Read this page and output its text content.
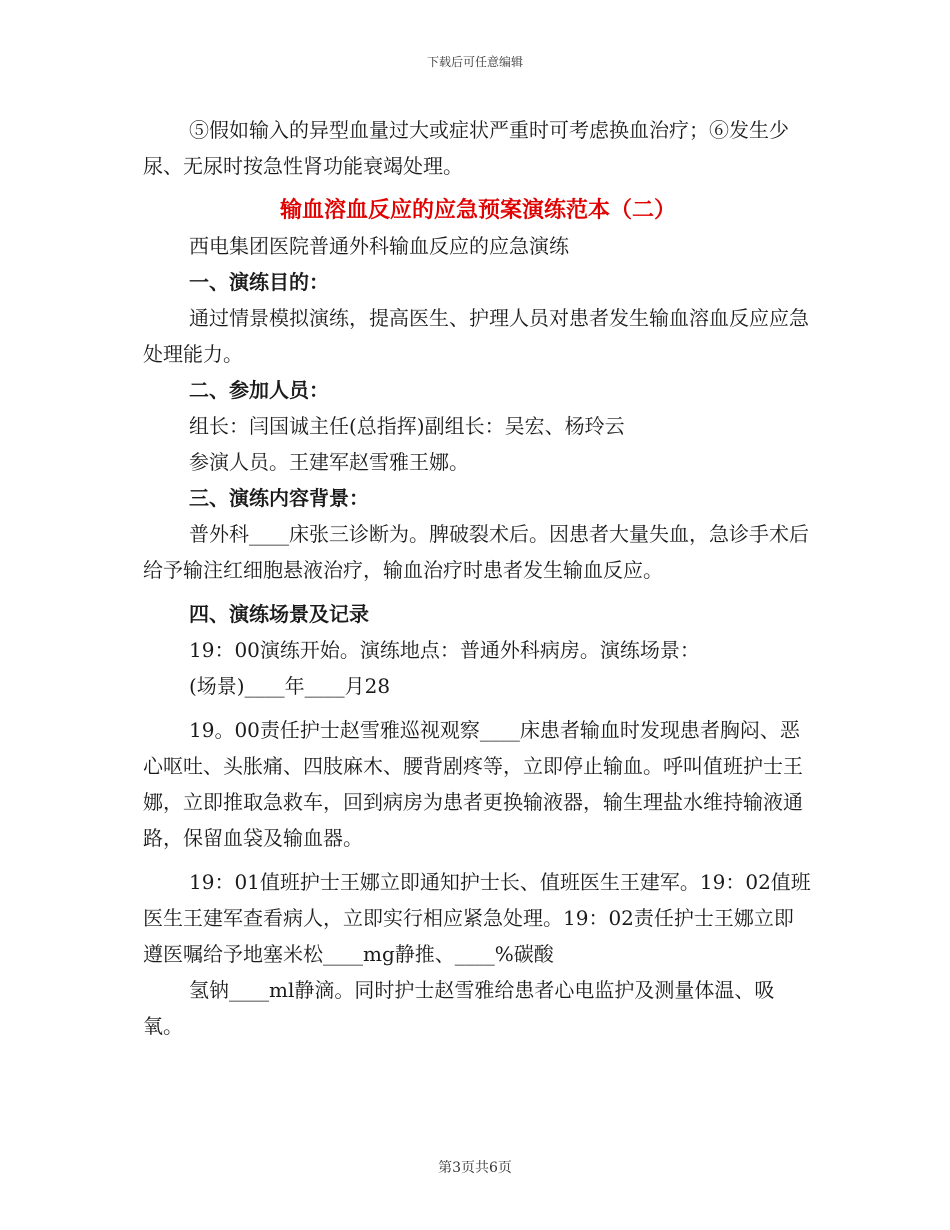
下载后可任意编辑

⑤假如输入的异型血量过大或症状严重时可考虑换血治疗；⑥发生少尿、无尿时按急性肾功能衰竭处理。

输血溶血反应的应急预案演练范本（二）

西电集团医院普通外科输血反应的应急演练

一、演练目的：

通过情景模拟演练，提高医生、护理人员对患者发生输血溶血反应应急处理能力。

二、参加人员：

组长：闫国诚主任(总指挥)副组长：吴宏、杨玲云

参演人员。王建军赵雪雅王娜。

三、演练内容背景：

普外科____床张三诊断为。脾破裂术后。因患者大量失血，急诊手术后给予输注红细胞悬液治疗，输血治疗时患者发生输血反应。

四、演练场景及记录

19：00演练开始。演练地点：普通外科病房。演练场景：

(场景)____年____月28

19。00责任护士赵雪雅巡视观察____床患者输血时发现患者胸闷、恶心呕吐、头胀痛、四肢麻木、腰背剧疼等，立即停止输血。呼叫值班护士王娜，立即推取急救车，回到病房为患者更换输液器，输生理盐水维持输液通路，保留血袋及输血器。

19：01值班护士王娜立即通知护士长、值班医生王建军。19：02值班医生王建军查看病人，立即实行相应紧急处理。19：02责任护士王娜立即遵医嘱给予地塞米松____mg静推、____%碳酸

氢钠____ml静滴。同时护士赵雪雅给患者心电监护及测量体温、吸氧。

第3页共6页
